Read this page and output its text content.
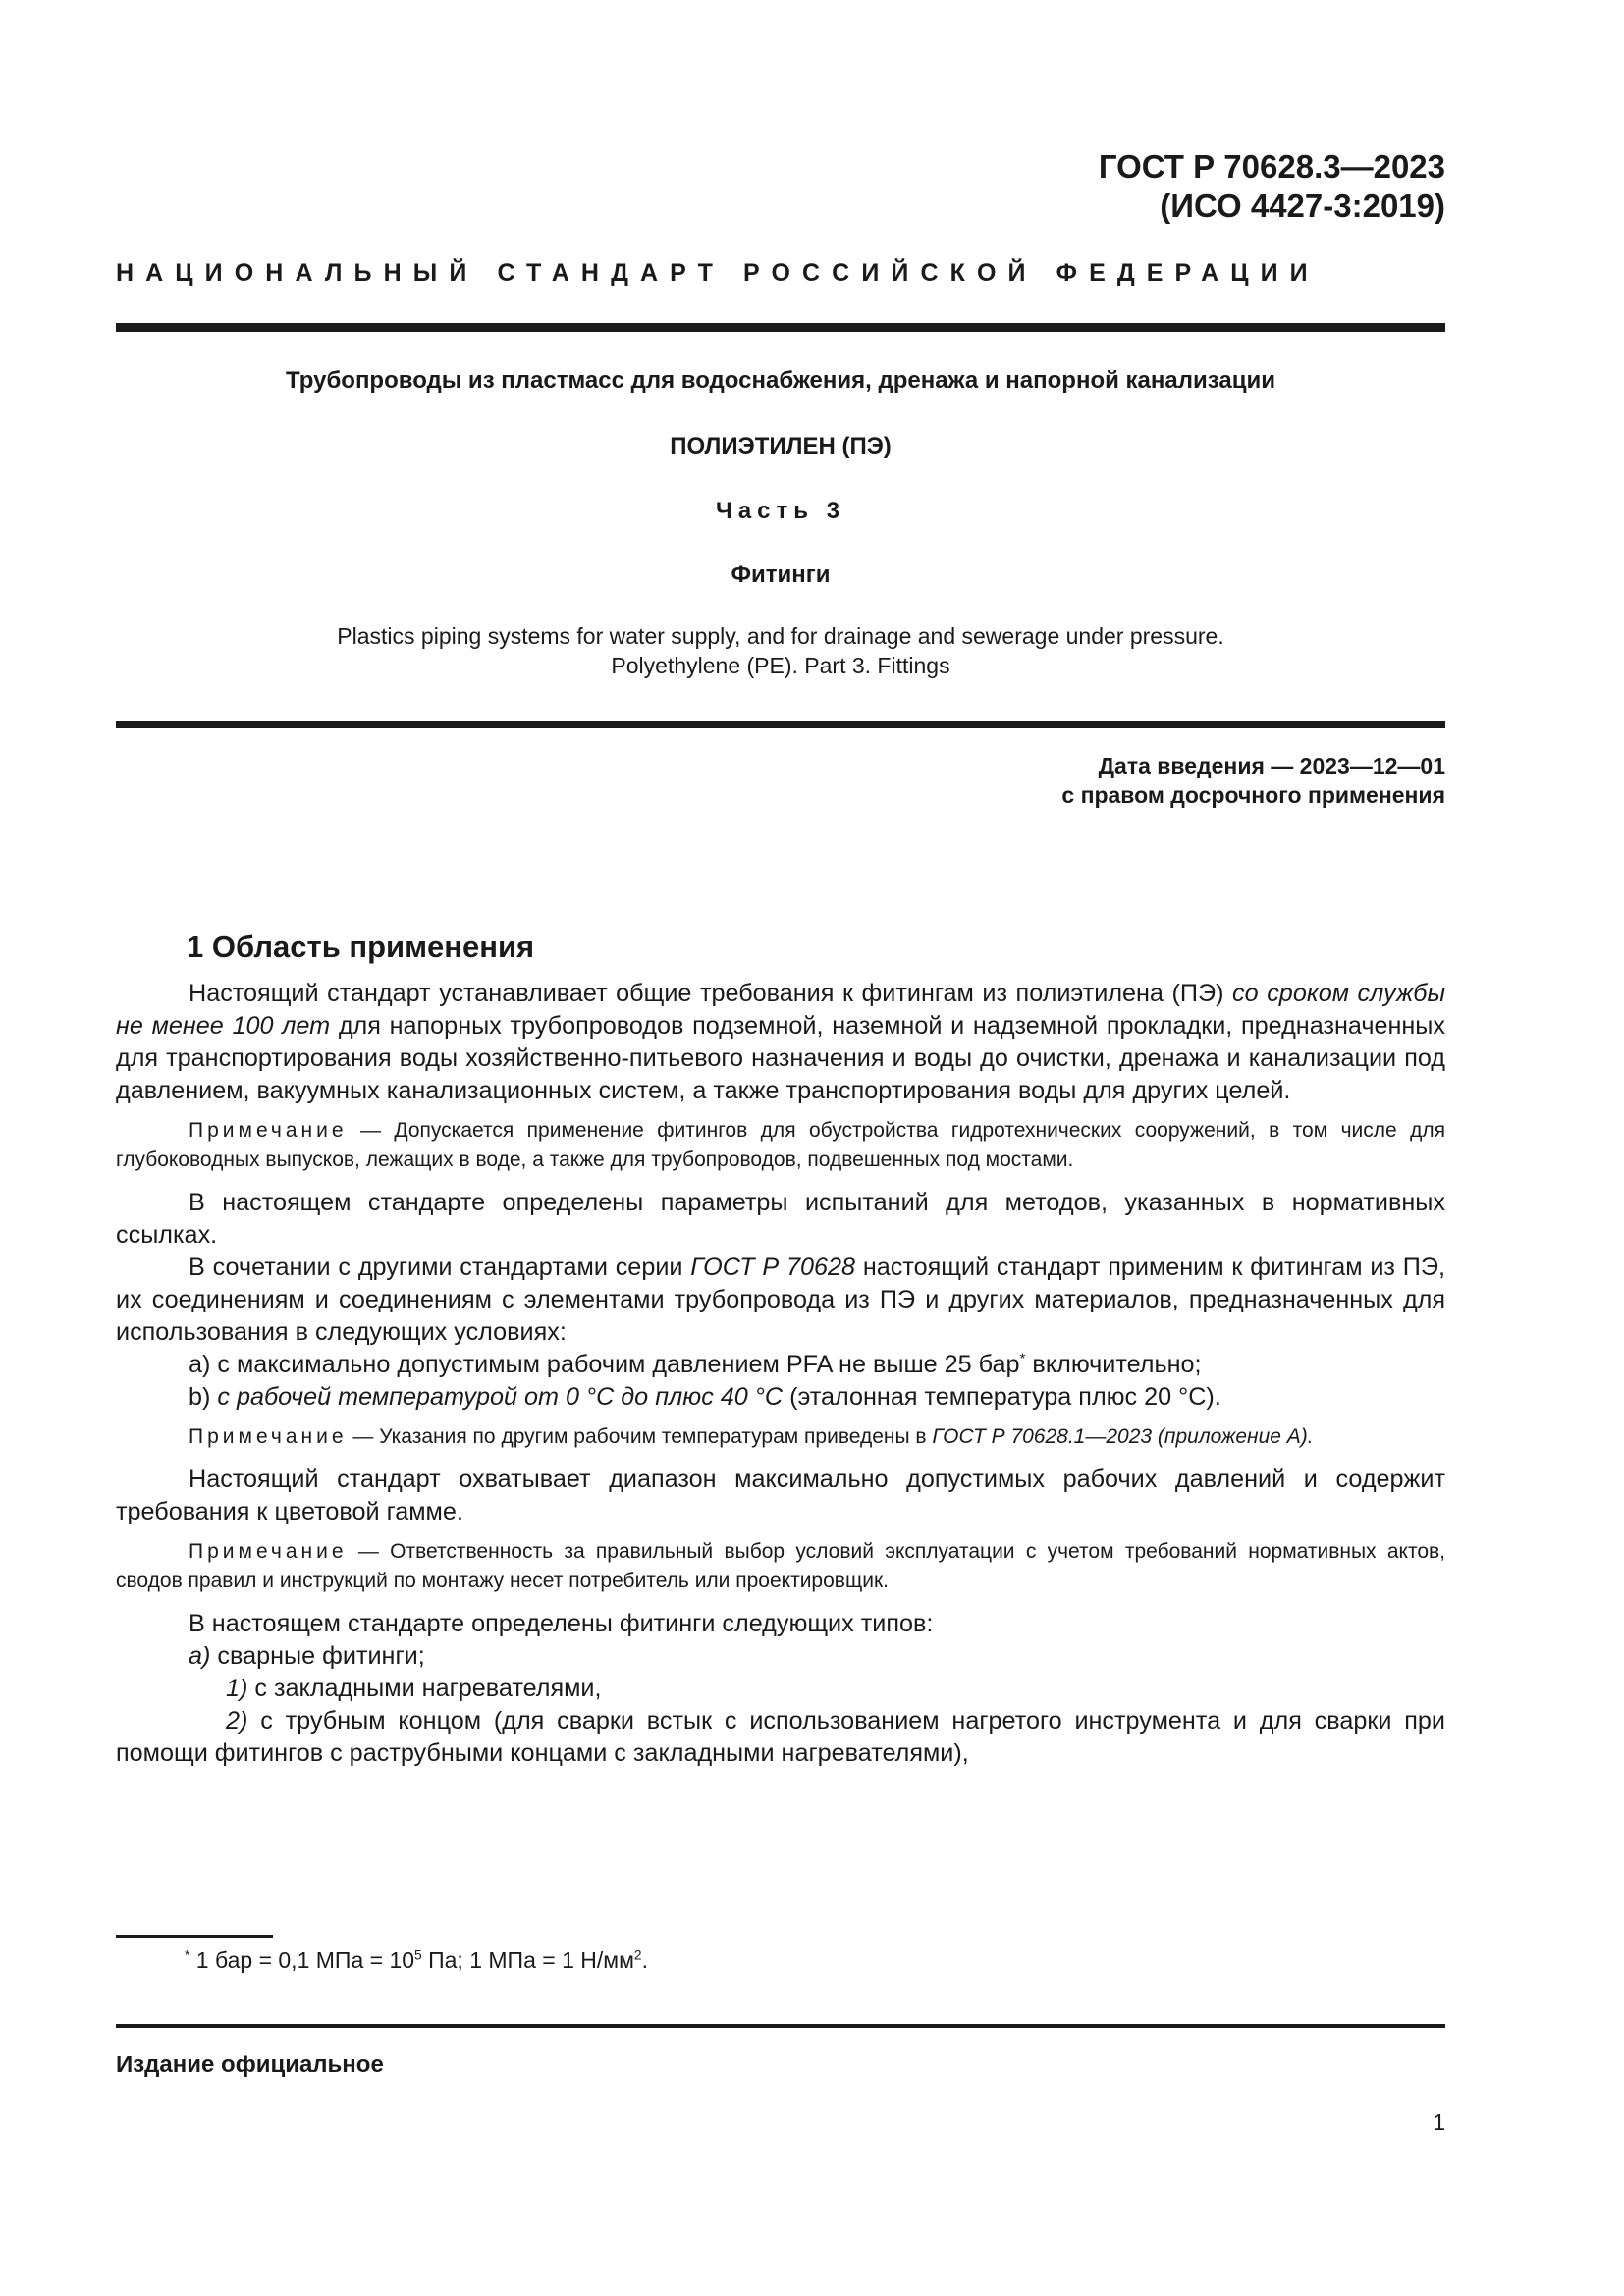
ГОСТ Р 70628.3—2023
(ИСО 4427-3:2019)
НАЦИОНАЛЬНЫЙ СТАНДАРТ РОССИЙСКОЙ ФЕДЕРАЦИИ
Трубопроводы из пластмасс для водоснабжения, дренажа и напорной канализации
ПОЛИЭТИЛЕН (ПЭ)
Часть 3
Фитинги
Plastics piping systems for water supply, and for drainage and sewerage under pressure.
Polyethylene (PE). Part 3. Fittings
Дата введения — 2023—12—01
с правом досрочного применения
1 Область применения

Настоящий стандарт устанавливает общие требования к фитингам из полиэтилена (ПЭ) со сроком службы не менее 100 лет для напорных трубопроводов подземной, наземной и надземной прокладки, предназначенных для транспортирования воды хозяйственно-питьевого назначения и воды до очистки, дренажа и канализации под давлением, вакуумных канализационных систем, а также транспортирования воды для других целей.

Примечание — Допускается применение фитингов для обустройства гидротехнических сооружений, в том числе для глубоководных выпусков, лежащих в воде, а также для трубопроводов, подвешенных под мостами.

В настоящем стандарте определены параметры испытаний для методов, указанных в нормативных ссылках.

В сочетании с другими стандартами серии ГОСТ Р 70628 настоящий стандарт применим к фитингам из ПЭ, их соединениям и соединениям с элементами трубопровода из ПЭ и других материалов, предназначенных для использования в следующих условиях:

a) с максимально допустимым рабочим давлением PFA не выше 25 бар* включительно;

b) с рабочей температурой от 0 °С до плюс 40 °С (эталонная температура плюс 20 °С).

Примечание — Указания по другим рабочим температурам приведены в ГОСТ Р 70628.1—2023 (приложение А).

Настоящий стандарт охватывает диапазон максимально допустимых рабочих давлений и содержит требования к цветовой гамме.

Примечание — Ответственность за правильный выбор условий эксплуатации с учетом требований нормативных актов, сводов правил и инструкций по монтажу несет потребитель или проектировщик.

В настоящем стандарте определены фитинги следующих типов:

а) сварные фитинги;

1) с закладными нагревателями,

2) с трубным концом (для сварки встык с использованием нагретого инструмента и для сварки при помощи фитингов с раструбными концами с закладными нагревателями),

* 1 бар = 0,1 МПа = $10^5$ Па; 1 МПа = 1 $Н/мм^2$.
Издание официальное
1
